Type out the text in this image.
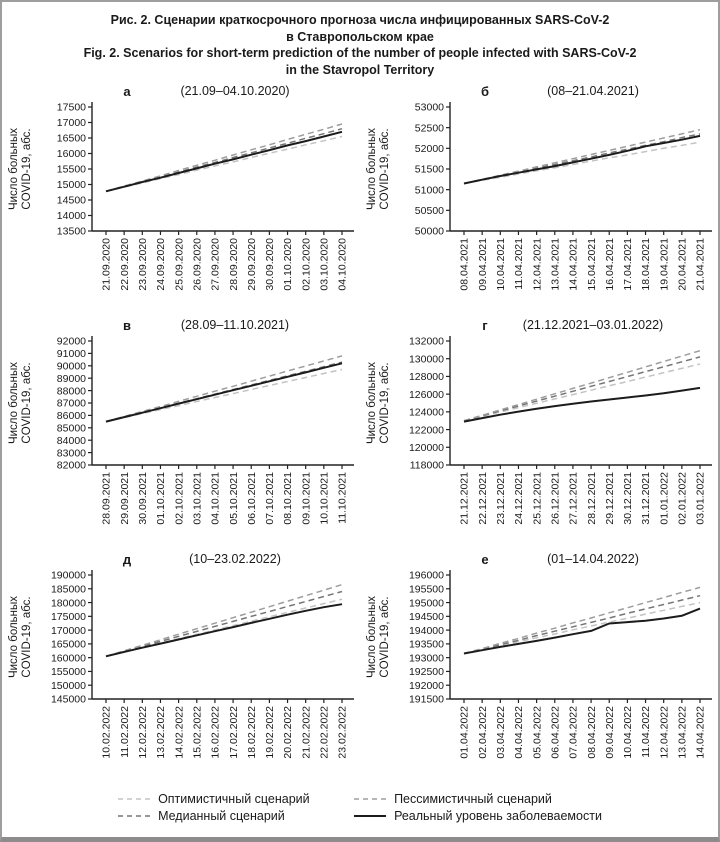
Рис. 2. Сценарии краткосрочного прогноза числа инфицированных SARS-CoV-2
в Ставропольском крае
Fig. 2. Scenarios for short-term prediction of the number of people infected with SARS-CoV-2
in the Stavropol Territory
а	(21.09–04.10.2020)
Число больных COVID-19, абс.
13500
14000
14500
15000
15500
16000
16500
17000
17500
21.09.2020 22.09.2020 23.09.2020 24.09.2020 25.09.2020 26.09.2020 27.09.2020 28.09.2020 29.09.2020 30.09.2020 01.10.2020 02.10.2020 03.10.2020 04.10.2020
б	(08–21.04.2021)
Число больных COVID-19, абс.
50000
50500
51000
51500
52000
52500
53000
08.04.2021 09.04.2021 10.04.2021 11.04.2021 12.04.2021 13.04.2021 14.04.2021 15.04.2021 16.04.2021 17.04.2021 18.04.2021 19.04.2021 20.04.2021 21.04.2021
в	(28.09–11.10.2021)
Число больных COVID-19, абс.
82000
83000
84000
85000
86000
87000
88000
89000
90000
91000
92000
28.09.2021 29.09.2021 30.09.2021 01.10.2021 02.10.2021 03.10.2021 04.10.2021 05.10.2021 06.10.2021 07.10.2021 08.10.2021 09.10.2021 10.10.2021 11.10.2021
г	(21.12.2021–03.01.2022)
Число больных COVID-19, абс.
118000
120000
122000
124000
126000
128000
130000
132000
21.12.2021 22.12.2021 23.12.2021 24.12.2021 25.12.2021 26.12.2021 27.12.2021 28.12.2021 29.12.2021 30.12.2021 31.12.2021 01.01.2022 02.01.2022 03.01.2022
д	(10–23.02.2022)
Число больных COVID-19, абс.
145000
150000
155000
160000
165000
170000
175000
180000
185000
190000
10.02.2022 11.02.2022 12.02.2022 13.02.2022 14.02.2022 15.02.2022 16.02.2022 17.02.2022 18.02.2022 19.02.2022 20.02.2022 21.02.2022 22.02.2022 23.02.2022
е	(01–14.04.2022)
Число больных COVID-19, абс.
191500
192000
192500
193000
193500
194000
194500
195000
195500
196000
01.04.2022 02.04.2022 03.04.2022 04.04.2022 05.04.2022 06.04.2022 07.04.2022 08.04.2022 09.04.2022 10.04.2022 11.04.2022 12.04.2022 13.04.2022 14.04.2022
Оптимистичный сценарий	Пессимистичный сценарий
Медианный сценарий	Реальный уровень заболеваемости
